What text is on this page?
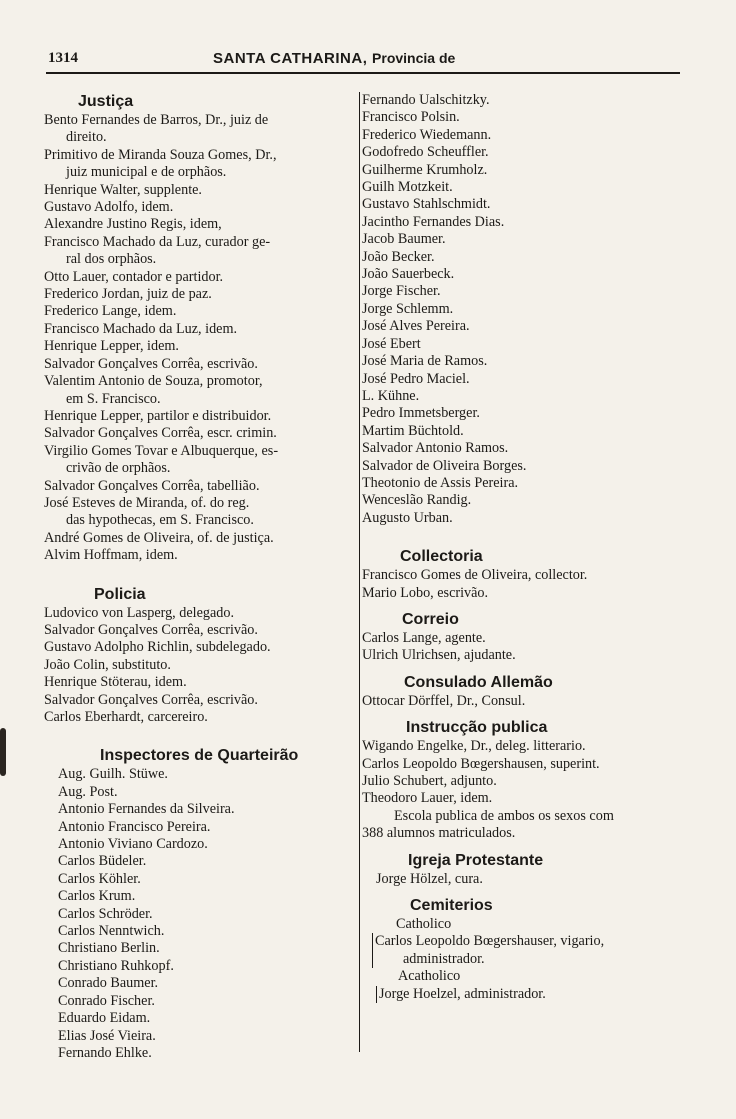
1314	SANTA CATHARINA, Provincia de
Justiça
Bento Fernandes de Barros, Dr., juiz de
direito.
Primitivo de Miranda Souza Gomes, Dr.,
juiz municipal e de orphãos.
Henrique Walter, supplente.
Gustavo Adolfo, idem.
Alexandre Justino Regis, idem,
Francisco Machado da Luz, curador ge-
ral dos orphãos.
Otto Lauer, contador e partidor.
Frederico Jordan, juiz de paz.
Frederico Lange, idem.
Francisco Machado da Luz, idem.
Henrique Lepper, idem.
Salvador Gonçalves Corrêa, escrivão.
Valentim Antonio de Souza, promotor,
em S. Francisco.
Henrique Lepper, partilor e distribuidor.
Salvador Gonçalves Corrêa, escr. crimin.
Virgilio Gomes Tovar e Albuquerque, es-
crivão de orphãos.
Salvador Gonçalves Corrêa, tabellião.
José Esteves de Miranda, of. do reg.
das hypothecas, em S. Francisco.
André Gomes de Oliveira, of. de justiça.
Alvim Hoffmam, idem.
Policia
Ludovico von Lasperg, delegado.
Salvador Gonçalves Corrêa, escrivão.
Gustavo Adolpho Richlin, subdelegado.
João Colin, substituto.
Henrique Stöterau, idem.
Salvador Gonçalves Corrêa, escrivão.
Carlos Eberhardt, carcereiro.
Inspectores de Quarteirão
Aug. Guilh. Stüwe.
Aug. Post.
Antonio Fernandes da Silveira.
Antonio Francisco Pereira.
Antonio Viviano Cardozo.
Carlos Büdeler.
Carlos Köhler.
Carlos Krum.
Carlos Schröder.
Carlos Nenntwich.
Christiano Berlin.
Christiano Ruhkopf.
Conrado Baumer.
Conrado Fischer.
Eduardo Eidam.
Elias José Vieira.
Fernando Ehlke.
Fernando Ualschitzky.
Francisco Polsin.
Frederico Wiedemann.
Godofredo Scheuffler.
Guilherme Krumholz.
Guilh Motzkeit.
Gustavo Stahlschmidt.
Jacintho Fernandes Dias.
Jacob Baumer.
João Becker.
João Sauerbeck.
Jorge Fischer.
Jorge Schlemm.
José Alves Pereira.
José Ebert
José Maria de Ramos.
José Pedro Maciel.
L. Kühne.
Pedro Immetsberger.
Martim Büchtold.
Salvador Antonio Ramos.
Salvador de Oliveira Borges.
Theotonio de Assis Pereira.
Wenceslão Randig.
Augusto Urban.
Collectoria
Francisco Gomes de Oliveira, collector.
Mario Lobo, escrivão.
Correio
Carlos Lange, agente.
Ulrich Ulrichsen, ajudante.
Consulado Allemão
Ottocar Dörffel, Dr., Consul.
Instrucção publica
Wigando Engelke, Dr., deleg. litterario.
Carlos Leopoldo Bœgershausen, superint.
Julio Schubert, adjunto.
Theodoro Lauer, idem.
Escola publica de ambos os sexos com
388 alumnos matriculados.
Igreja Protestante
Jorge Hölzel, cura.
Cemiterios
Catholico
Carlos Leopoldo Bœgershauser, vigario,
administrador.
Acatholico
Jorge Hoelzel, administrador.
